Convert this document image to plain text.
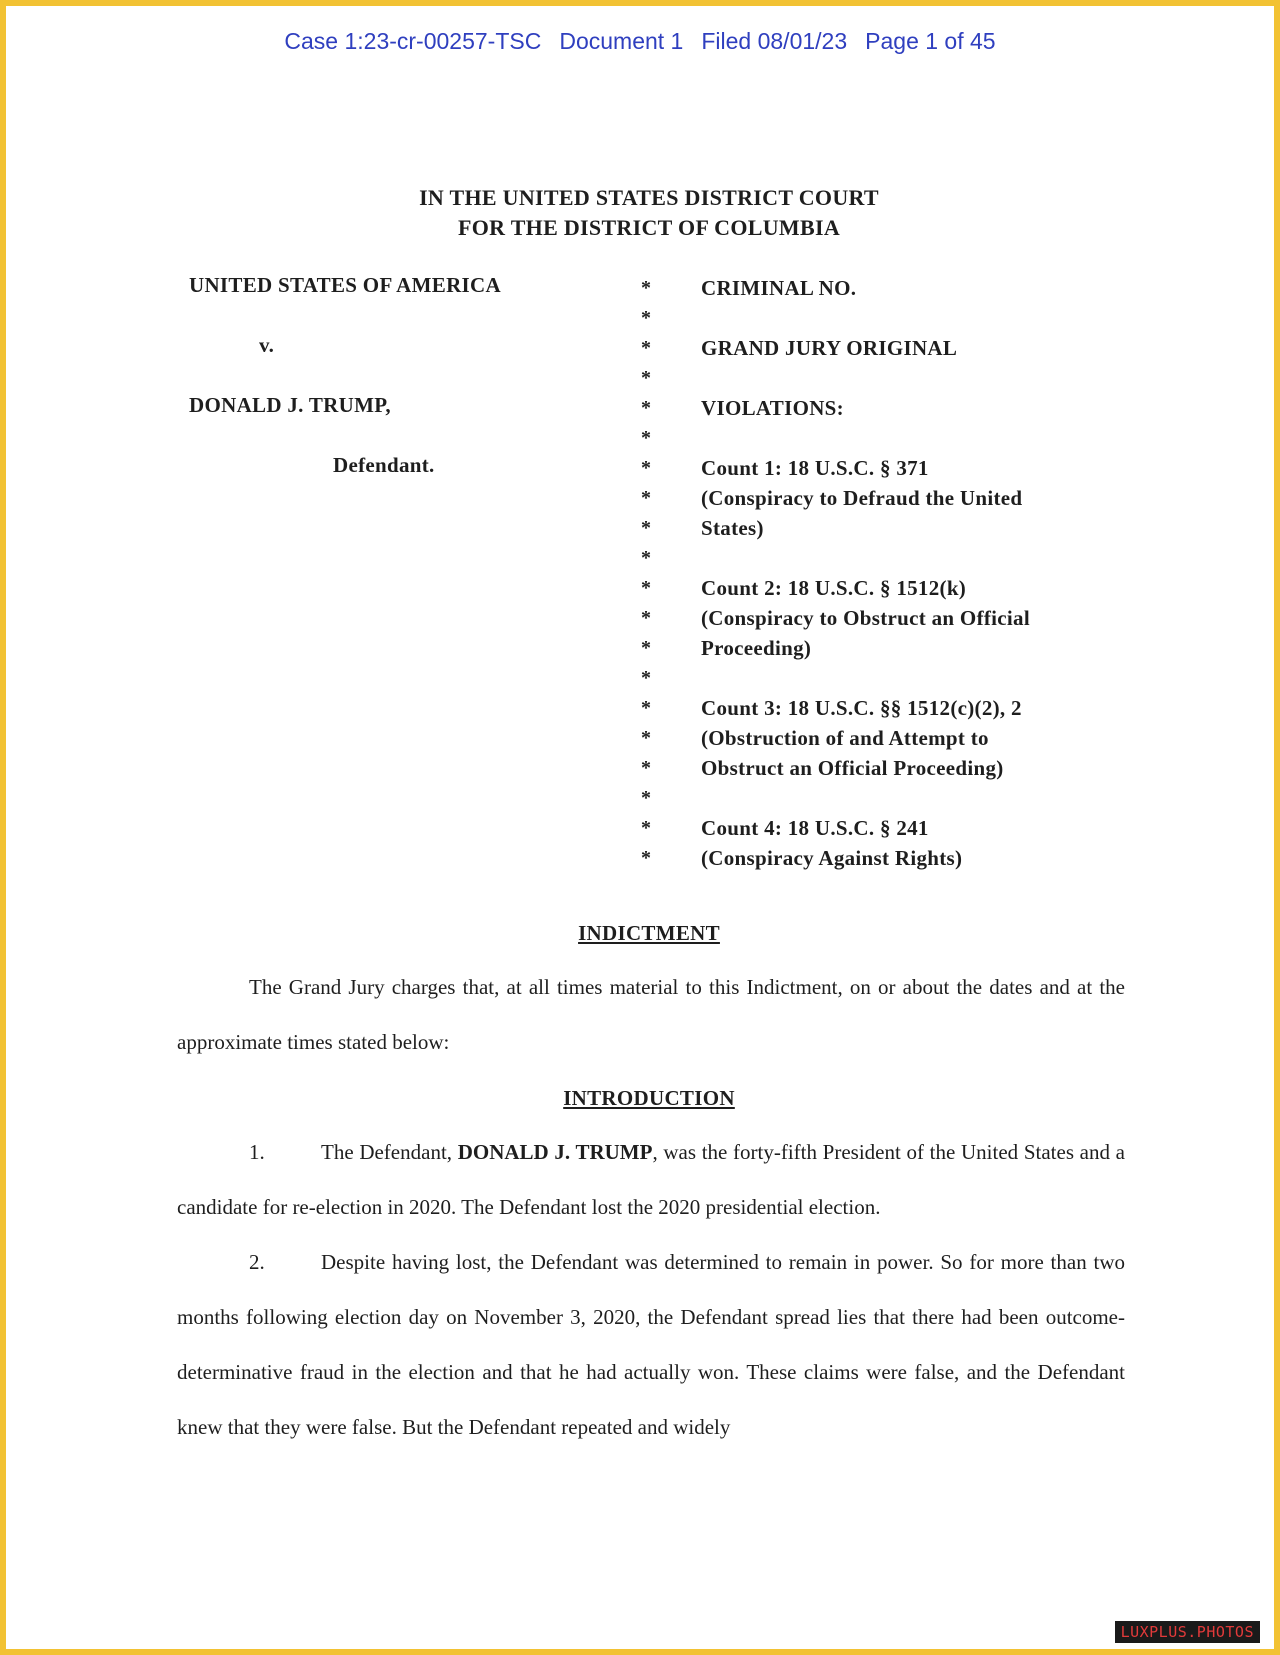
Case 1:23-cr-00257-TSC Document 1 Filed 08/01/23 Page 1 of 45
IN THE UNITED STATES DISTRICT COURT
FOR THE DISTRICT OF COLUMBIA
UNITED STATES OF AMERICA
v.
DONALD J. TRUMP,
Defendant.
*
*
*
*
*
*
*
*
*
*
*
*
*
*
*
*
*
*
*
*
CRIMINAL NO.
GRAND JURY ORIGINAL
VIOLATIONS:
Count 1: 18 U.S.C. § 371
(Conspiracy to Defraud the United
States)
Count 2: 18 U.S.C. § 1512(k)
(Conspiracy to Obstruct an Official
Proceeding)
Count 3: 18 U.S.C. §§ 1512(c)(2), 2
(Obstruction of and Attempt to
Obstruct an Official Proceeding)
Count 4: 18 U.S.C. § 241
(Conspiracy Against Rights)
INDICTMENT

The Grand Jury charges that, at all times material to this Indictment, on or about the dates and at the approximate times stated below:

INTRODUCTION

1.	The Defendant, DONALD J. TRUMP, was the forty-fifth President of the United States and a candidate for re-election in 2020. The Defendant lost the 2020 presidential election.

2.	Despite having lost, the Defendant was determined to remain in power. So for more than two months following election day on November 3, 2020, the Defendant spread lies that there had been outcome-determinative fraud in the election and that he had actually won. These claims were false, and the Defendant knew that they were false. But the Defendant repeated and widely

LUXPLUS.PHOTOS
